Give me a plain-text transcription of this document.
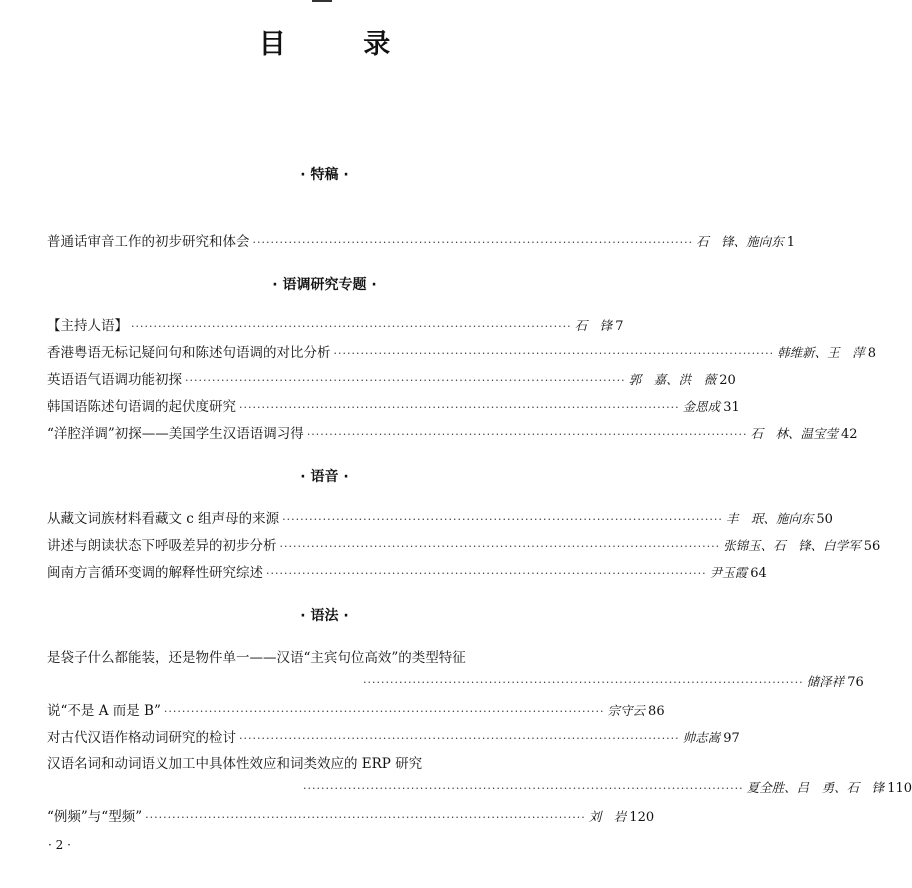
目 录
· 特稿 ·
普通话审音工作的初步研究和体会 ·································································································· 石　锋、施向东 1
· 语调研究专题 ·
【主持人语】 ·································································································· 石　锋 7
香港粤语无标记疑问句和陈述句语调的对比分析 ·································································································· 韩维新、王　萍 8
英语语气语调功能初探 ·································································································· 郭　嘉、洪　薇 20
韩国语陈述句语调的起伏度研究 ·································································································· 金恩成 31
“洋腔洋调”初探——美国学生汉语语调习得 ·································································································· 石　林、温宝莹 42
· 语音 ·
从藏文词族材料看藏文 c 组声母的来源 ·································································································· 丰　珉、施向东 50
讲述与朗读状态下呼吸差异的初步分析 ·································································································· 张锦玉、石　锋、白学军 56
闽南方言循环变调的解释性研究综述 ·································································································· 尹玉霞 64
· 语法 ·
是袋子什么都能装，还是物件单一——汉语“主宾句位高效”的类型特征
·································································································· 储泽祥 76
说“不是 A 而是 B” ·································································································· 宗守云 86
对古代汉语作格动词研究的检讨 ·································································································· 帅志嵩 97
汉语名词和动词语义加工中具体性效应和词类效应的 ERP 研究
·································································································· 夏全胜、吕　勇、石　锋 110
“例频”与“型频” ·································································································· 刘　岩 120
· 2 ·
